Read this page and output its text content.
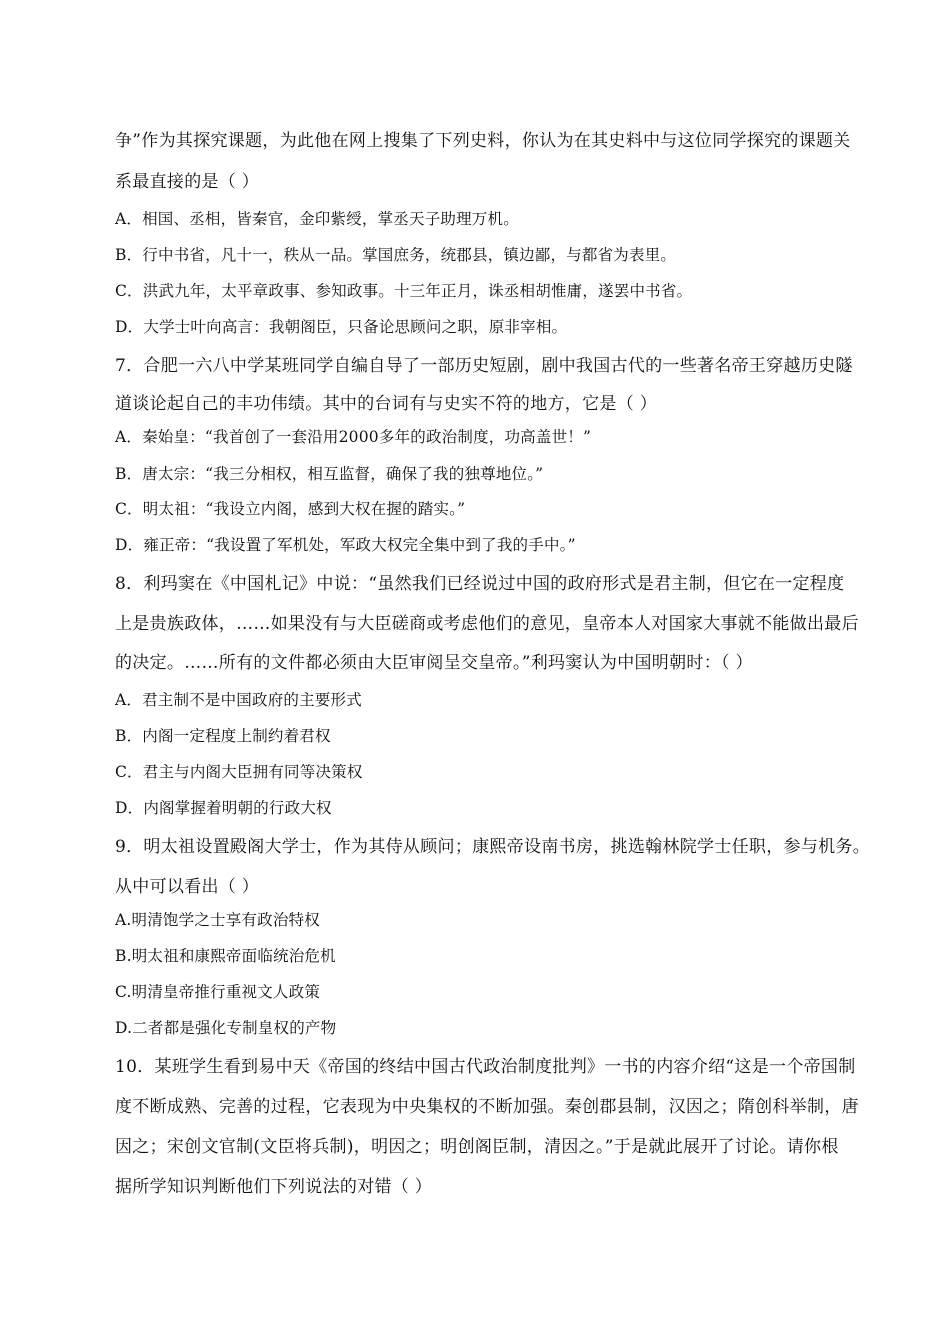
争”作为其探究课题，为此他在网上搜集了下列史料，你认为在其史料中与这位同学探究的课题关
系最直接的是（ ）
A．相国、丞相，皆秦官，金印紫绶，掌丞天子助理万机。
B．行中书省，凡十一，秩从一品。掌国庶务，统郡县，镇边鄙，与都省为表里。
C．洪武九年，太平章政事、参知政事。十三年正月，诛丞相胡惟庸，遂罢中书省。
D．大学士叶向高言：我朝阁臣，只备论思顾问之职，原非宰相。
7．合肥一六八中学某班同学自编自导了一部历史短剧，剧中我国古代的一些著名帝王穿越历史隧
道谈论起自己的丰功伟绩。其中的台词有与史实不符的地方，它是（ ）
A．秦始皇：“我首创了一套沿用2000多年的政治制度，功高盖世！”
B．唐太宗：“我三分相权，相互监督，确保了我的独尊地位。”
C．明太祖：“我设立内阁，感到大权在握的踏实。”
D．雍正帝：“我设置了军机处，军政大权完全集中到了我的手中。”
8．利玛窦在《中国札记》中说：“虽然我们已经说过中国的政府形式是君主制，但它在一定程度
上是贵族政体，……如果没有与大臣磋商或考虑他们的意见，皇帝本人对国家大事就不能做出最后
的决定。……所有的文件都必须由大臣审阅呈交皇帝。”利玛窦认为中国明朝时：（ ）
A．君主制不是中国政府的主要形式
B．内阁一定程度上制约着君权
C．君主与内阁大臣拥有同等决策权
D．内阁掌握着明朝的行政大权
9．明太祖设置殿阁大学士，作为其侍从顾问；康熙帝设南书房，挑选翰林院学士任职，参与机务。
从中可以看出（ ）
A.明清饱学之士享有政治特权
B.明太祖和康熙帝面临统治危机
C.明清皇帝推行重视文人政策
D.二者都是强化专制皇权的产物
10．某班学生看到易中天《帝国的终结中国古代政治制度批判》一书的内容介绍“这是一个帝国制
度不断成熟、完善的过程，它表现为中央集权的不断加强。秦创郡县制，汉因之；隋创科举制，唐
因之；宋创文官制(文臣将兵制)，明因之；明创阁臣制，清因之。”于是就此展开了讨论。请你根
据所学知识判断他们下列说法的对错（ ）
